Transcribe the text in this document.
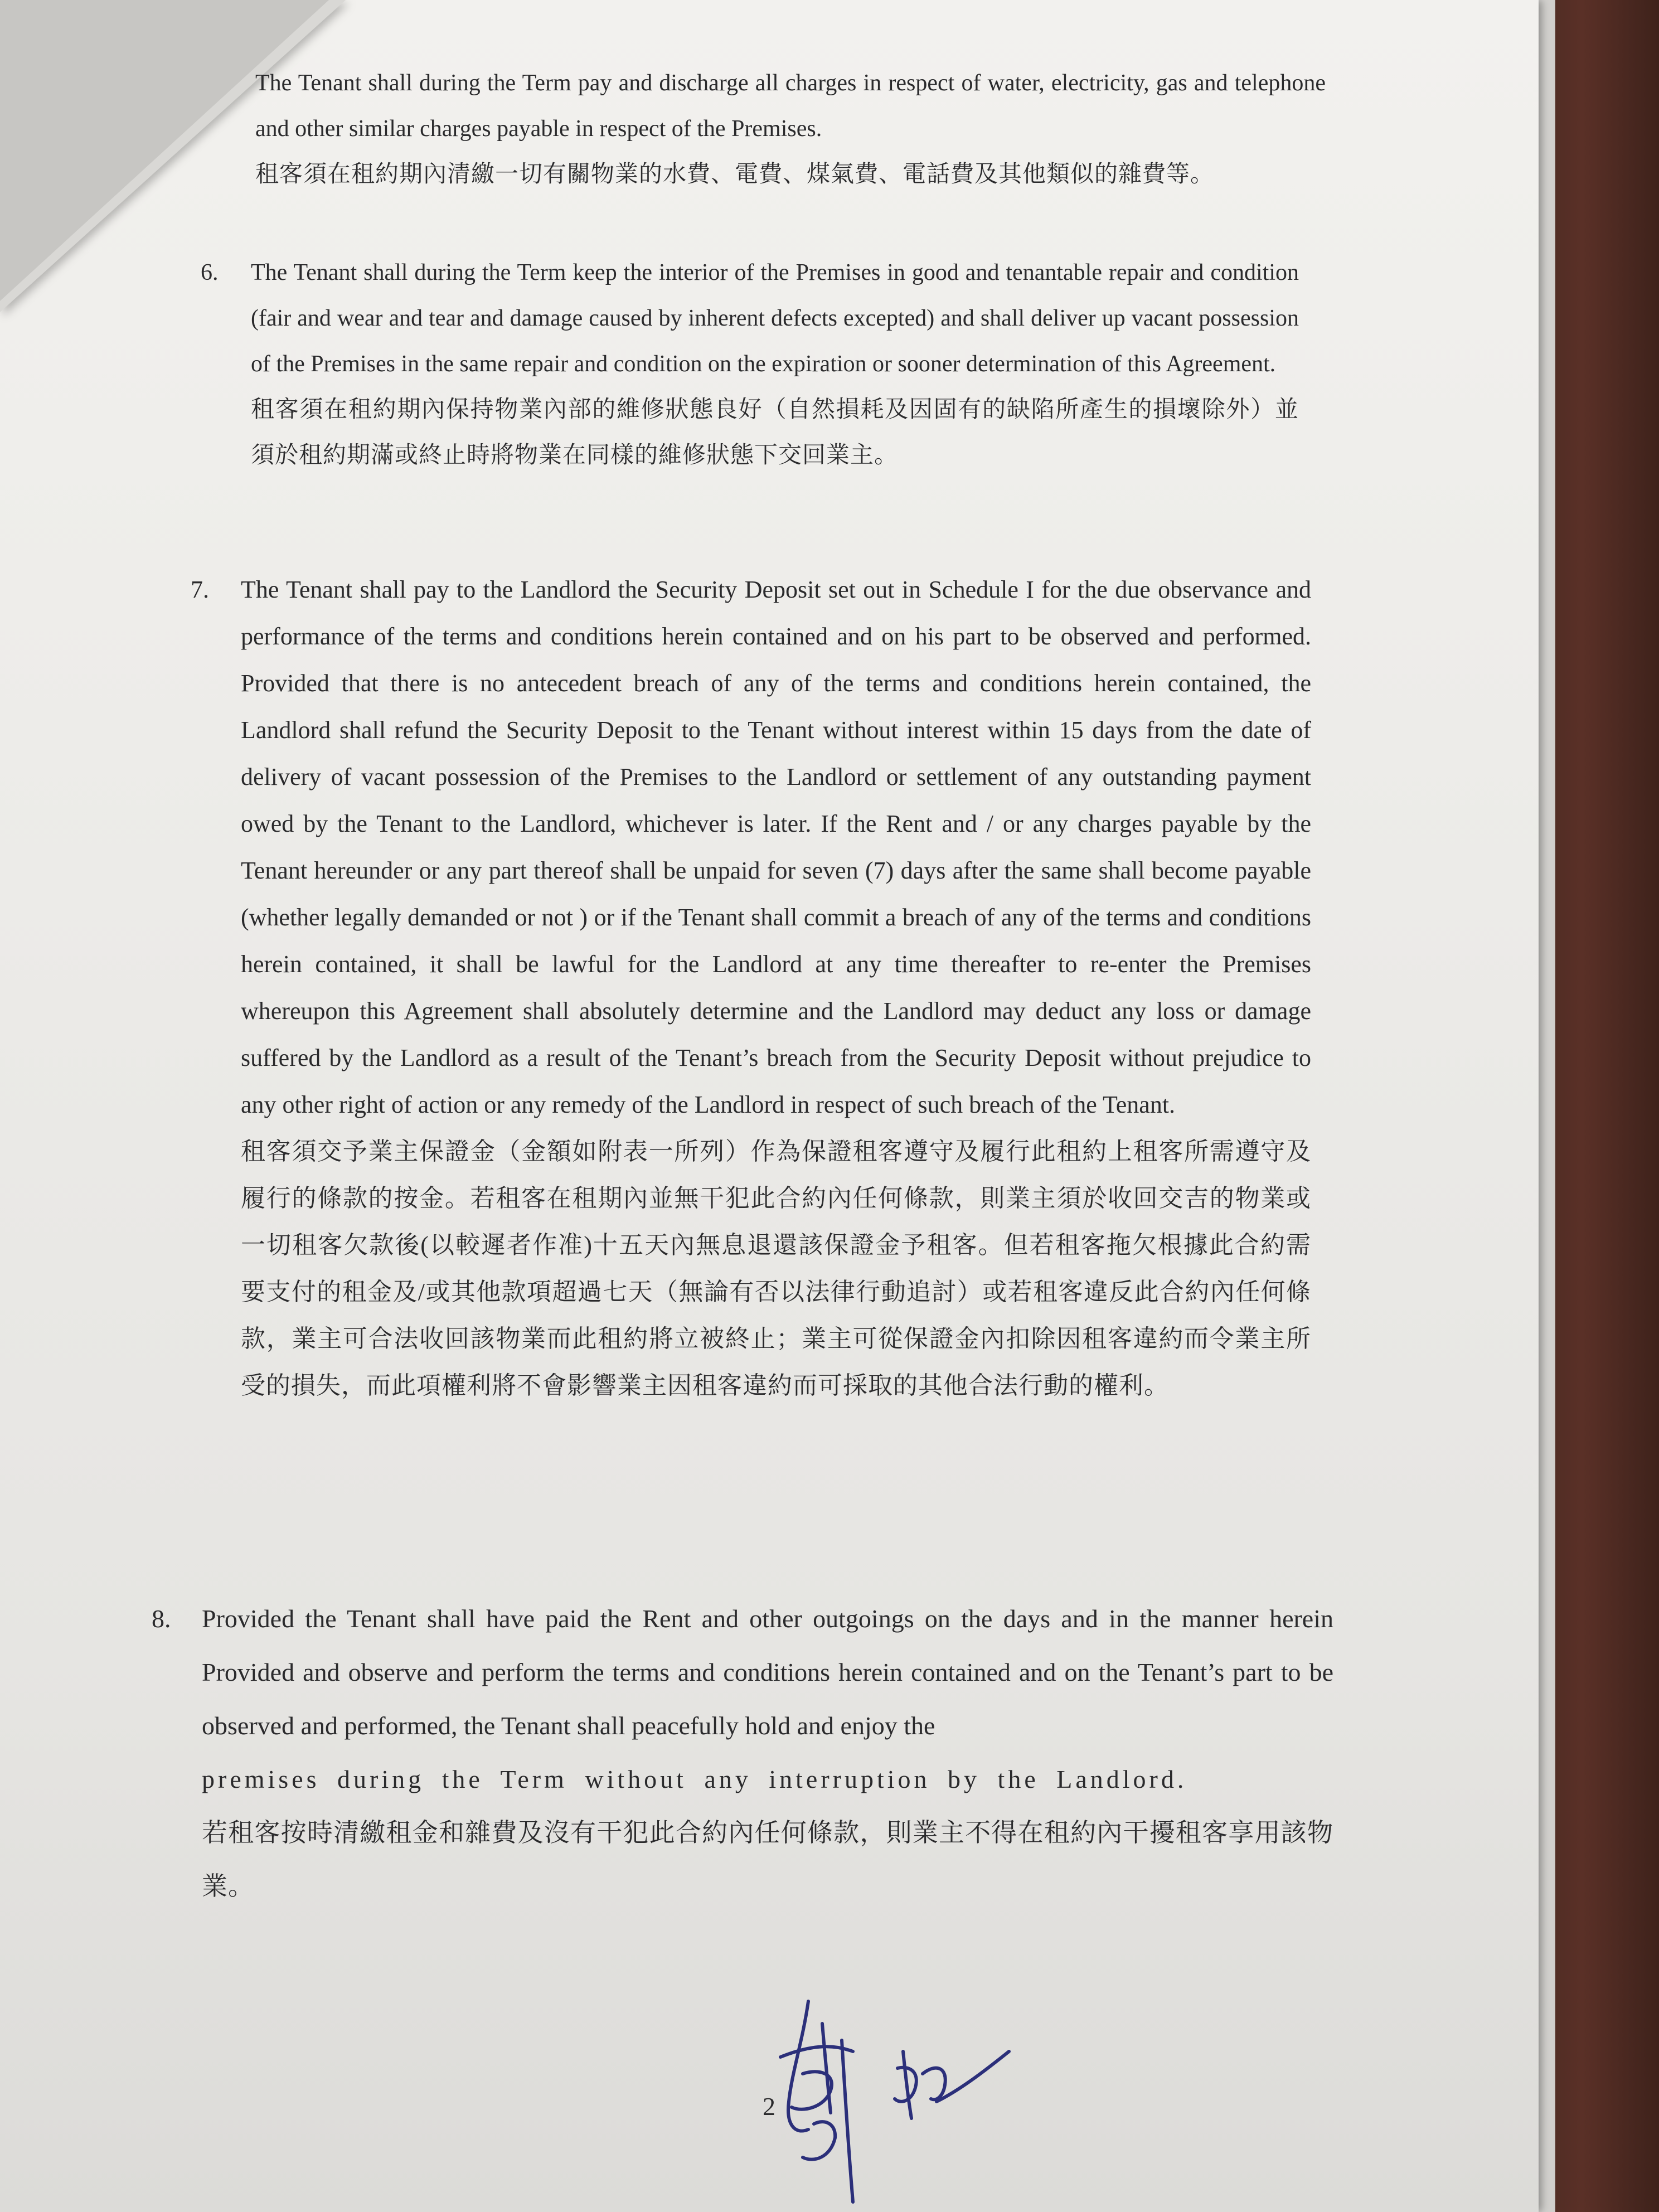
The Tenant shall during the Term pay and discharge all charges in respect of water, electricity, gas and telephone and other similar charges payable in respect of the Premises.

租客須在租約期內清繳一切有關物業的水費、電費、煤氣費、電話費及其他類似的雜費等。

6. The Tenant shall during the Term keep the interior of the Premises in good and tenantable repair and condition (fair and wear and tear and damage caused by inherent defects excepted) and shall deliver up vacant possession of the Premises in the same repair and condition on the expiration or sooner determination of this Agreement.

租客須在租約期內保持物業內部的維修狀態良好（自然損耗及因固有的缺陷所產生的損壞除外）並須於租約期滿或終止時將物業在同樣的維修狀態下交回業主。

7. The Tenant shall pay to the Landlord the Security Deposit set out in Schedule I for the due observance and performance of the terms and conditions herein contained and on his part to be observed and performed. Provided that there is no antecedent breach of any of the terms and conditions herein contained, the Landlord shall refund the Security Deposit to the Tenant without interest within 15 days from the date of delivery of vacant possession of the Premises to the Landlord or settlement of any outstanding payment owed by the Tenant to the Landlord, whichever is later. If the Rent and / or any charges payable by the Tenant hereunder or any part thereof shall be unpaid for seven (7) days after the same shall become payable (whether legally demanded or not ) or if the Tenant shall commit a breach of any of the terms and conditions herein contained, it shall be lawful for the Landlord at any time thereafter to re-enter the Premises whereupon this Agreement shall absolutely determine and the Landlord may deduct any loss or damage suffered by the Landlord as a result of the Tenant’s breach from the Security Deposit without prejudice to any other right of action or any remedy of the Landlord in respect of such breach of the Tenant.

租客須交予業主保證金（金額如附表一所列）作為保證租客遵守及履行此租約上租客所需遵守及履行的條款的按金。若租客在租期內並無干犯此合約內任何條款，則業主須於收回交吉的物業或一切租客欠款後(以較遲者作准)十五天內無息退還該保證金予租客。但若租客拖欠根據此合約需要支付的租金及/或其他款項超過七天（無論有否以法律行動追討）或若租客違反此合約內任何條款，業主可合法收回該物業而此租約將立被終止；業主可從保證金內扣除因租客違約而令業主所受的損失，而此項權利將不會影響業主因租客違約而可採取的其他合法行動的權利。

8. Provided the Tenant shall have paid the Rent and other outgoings on the days and in the manner herein Provided and observe and perform the terms and conditions herein contained and on the Tenant’s part to be observed and performed, the Tenant shall peacefully hold and enjoy the

premises during the Term without any interruption by the Landlord.

若租客按時清繳租金和雜費及沒有干犯此合約內任何條款，則業主不得在租約內干擾租客享用該物業。

2
